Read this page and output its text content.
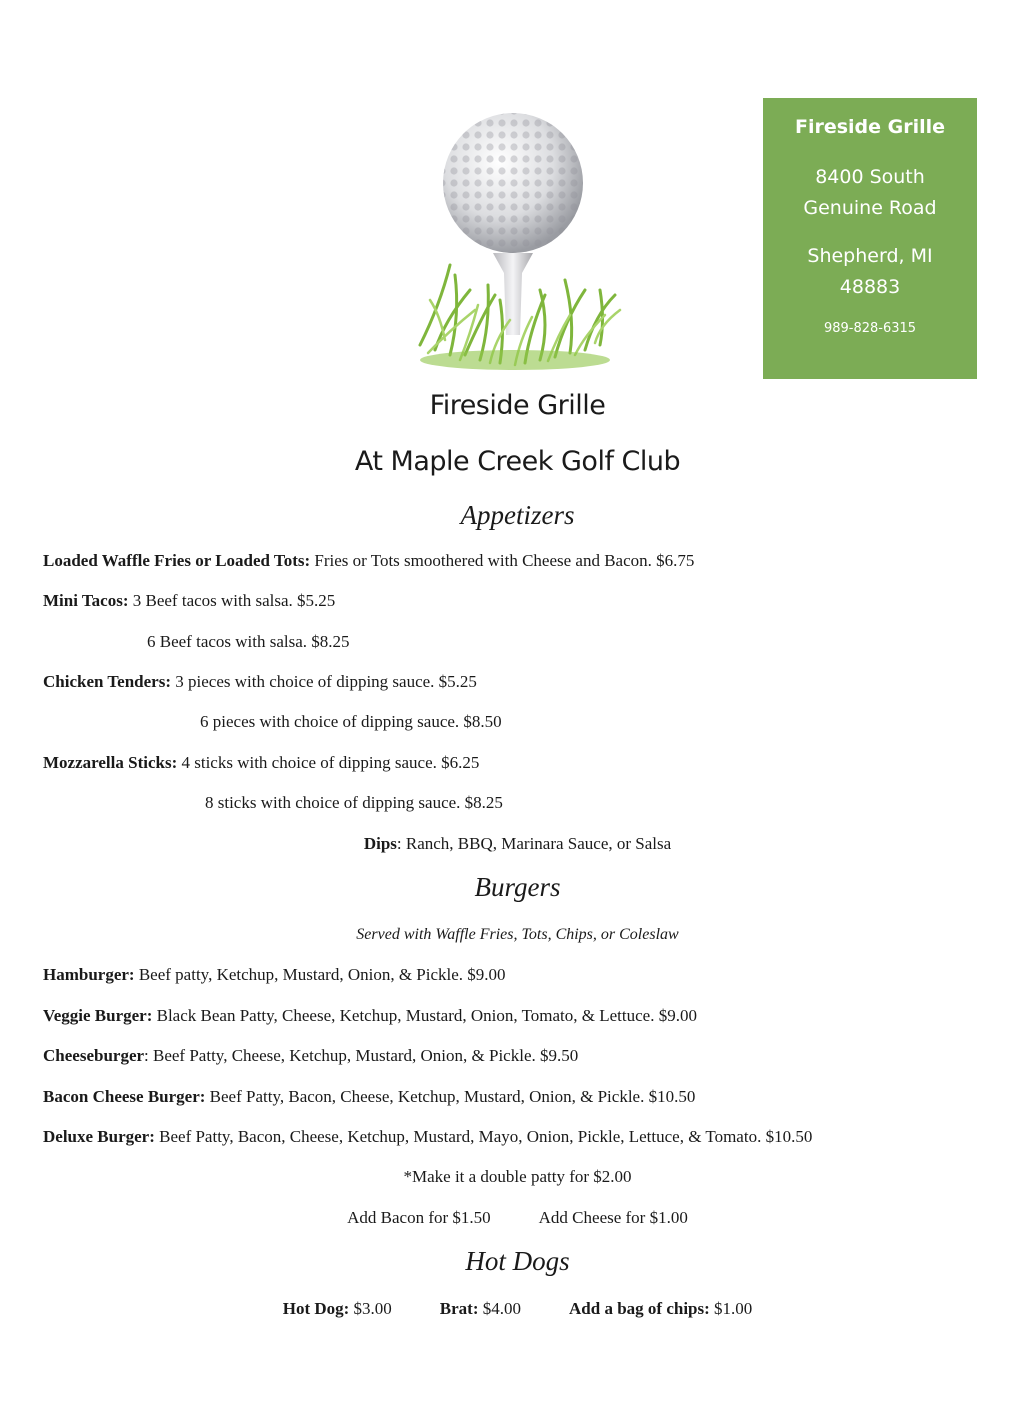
Fireside Grille
8400 South Genuine Road
Shepherd, MI 48883
989-828-6315
Fireside Grille
At Maple Creek Golf Club
Appetizers
Loaded Waffle Fries or Loaded Tots: Fries or Tots smoothered with Cheese and Bacon. $6.75
Mini Tacos: 3 Beef tacos with salsa. $5.25
6 Beef tacos with salsa. $8.25
Chicken Tenders: 3 pieces with choice of dipping sauce. $5.25
6 pieces with choice of dipping sauce. $8.50
Mozzarella Sticks: 4 sticks with choice of dipping sauce. $6.25
8 sticks with choice of dipping sauce. $8.25
Dips: Ranch, BBQ, Marinara Sauce, or Salsa
Burgers
Served with Waffle Fries, Tots, Chips, or Coleslaw
Hamburger: Beef patty, Ketchup, Mustard, Onion, & Pickle. $9.00
Veggie Burger: Black Bean Patty, Cheese, Ketchup, Mustard, Onion, Tomato, & Lettuce. $9.00
Cheeseburger: Beef Patty, Cheese, Ketchup, Mustard, Onion, & Pickle. $9.50
Bacon Cheese Burger: Beef Patty, Bacon, Cheese, Ketchup, Mustard, Onion, & Pickle. $10.50
Deluxe Burger: Beef Patty, Bacon, Cheese, Ketchup, Mustard, Mayo, Onion, Pickle, Lettuce, & Tomato. $10.50
*Make it a double patty for $2.00
Add Bacon for $1.50	Add Cheese for $1.00
Hot Dogs
Hot Dog: $3.00	Brat: $4.00	Add a bag of chips: $1.00
